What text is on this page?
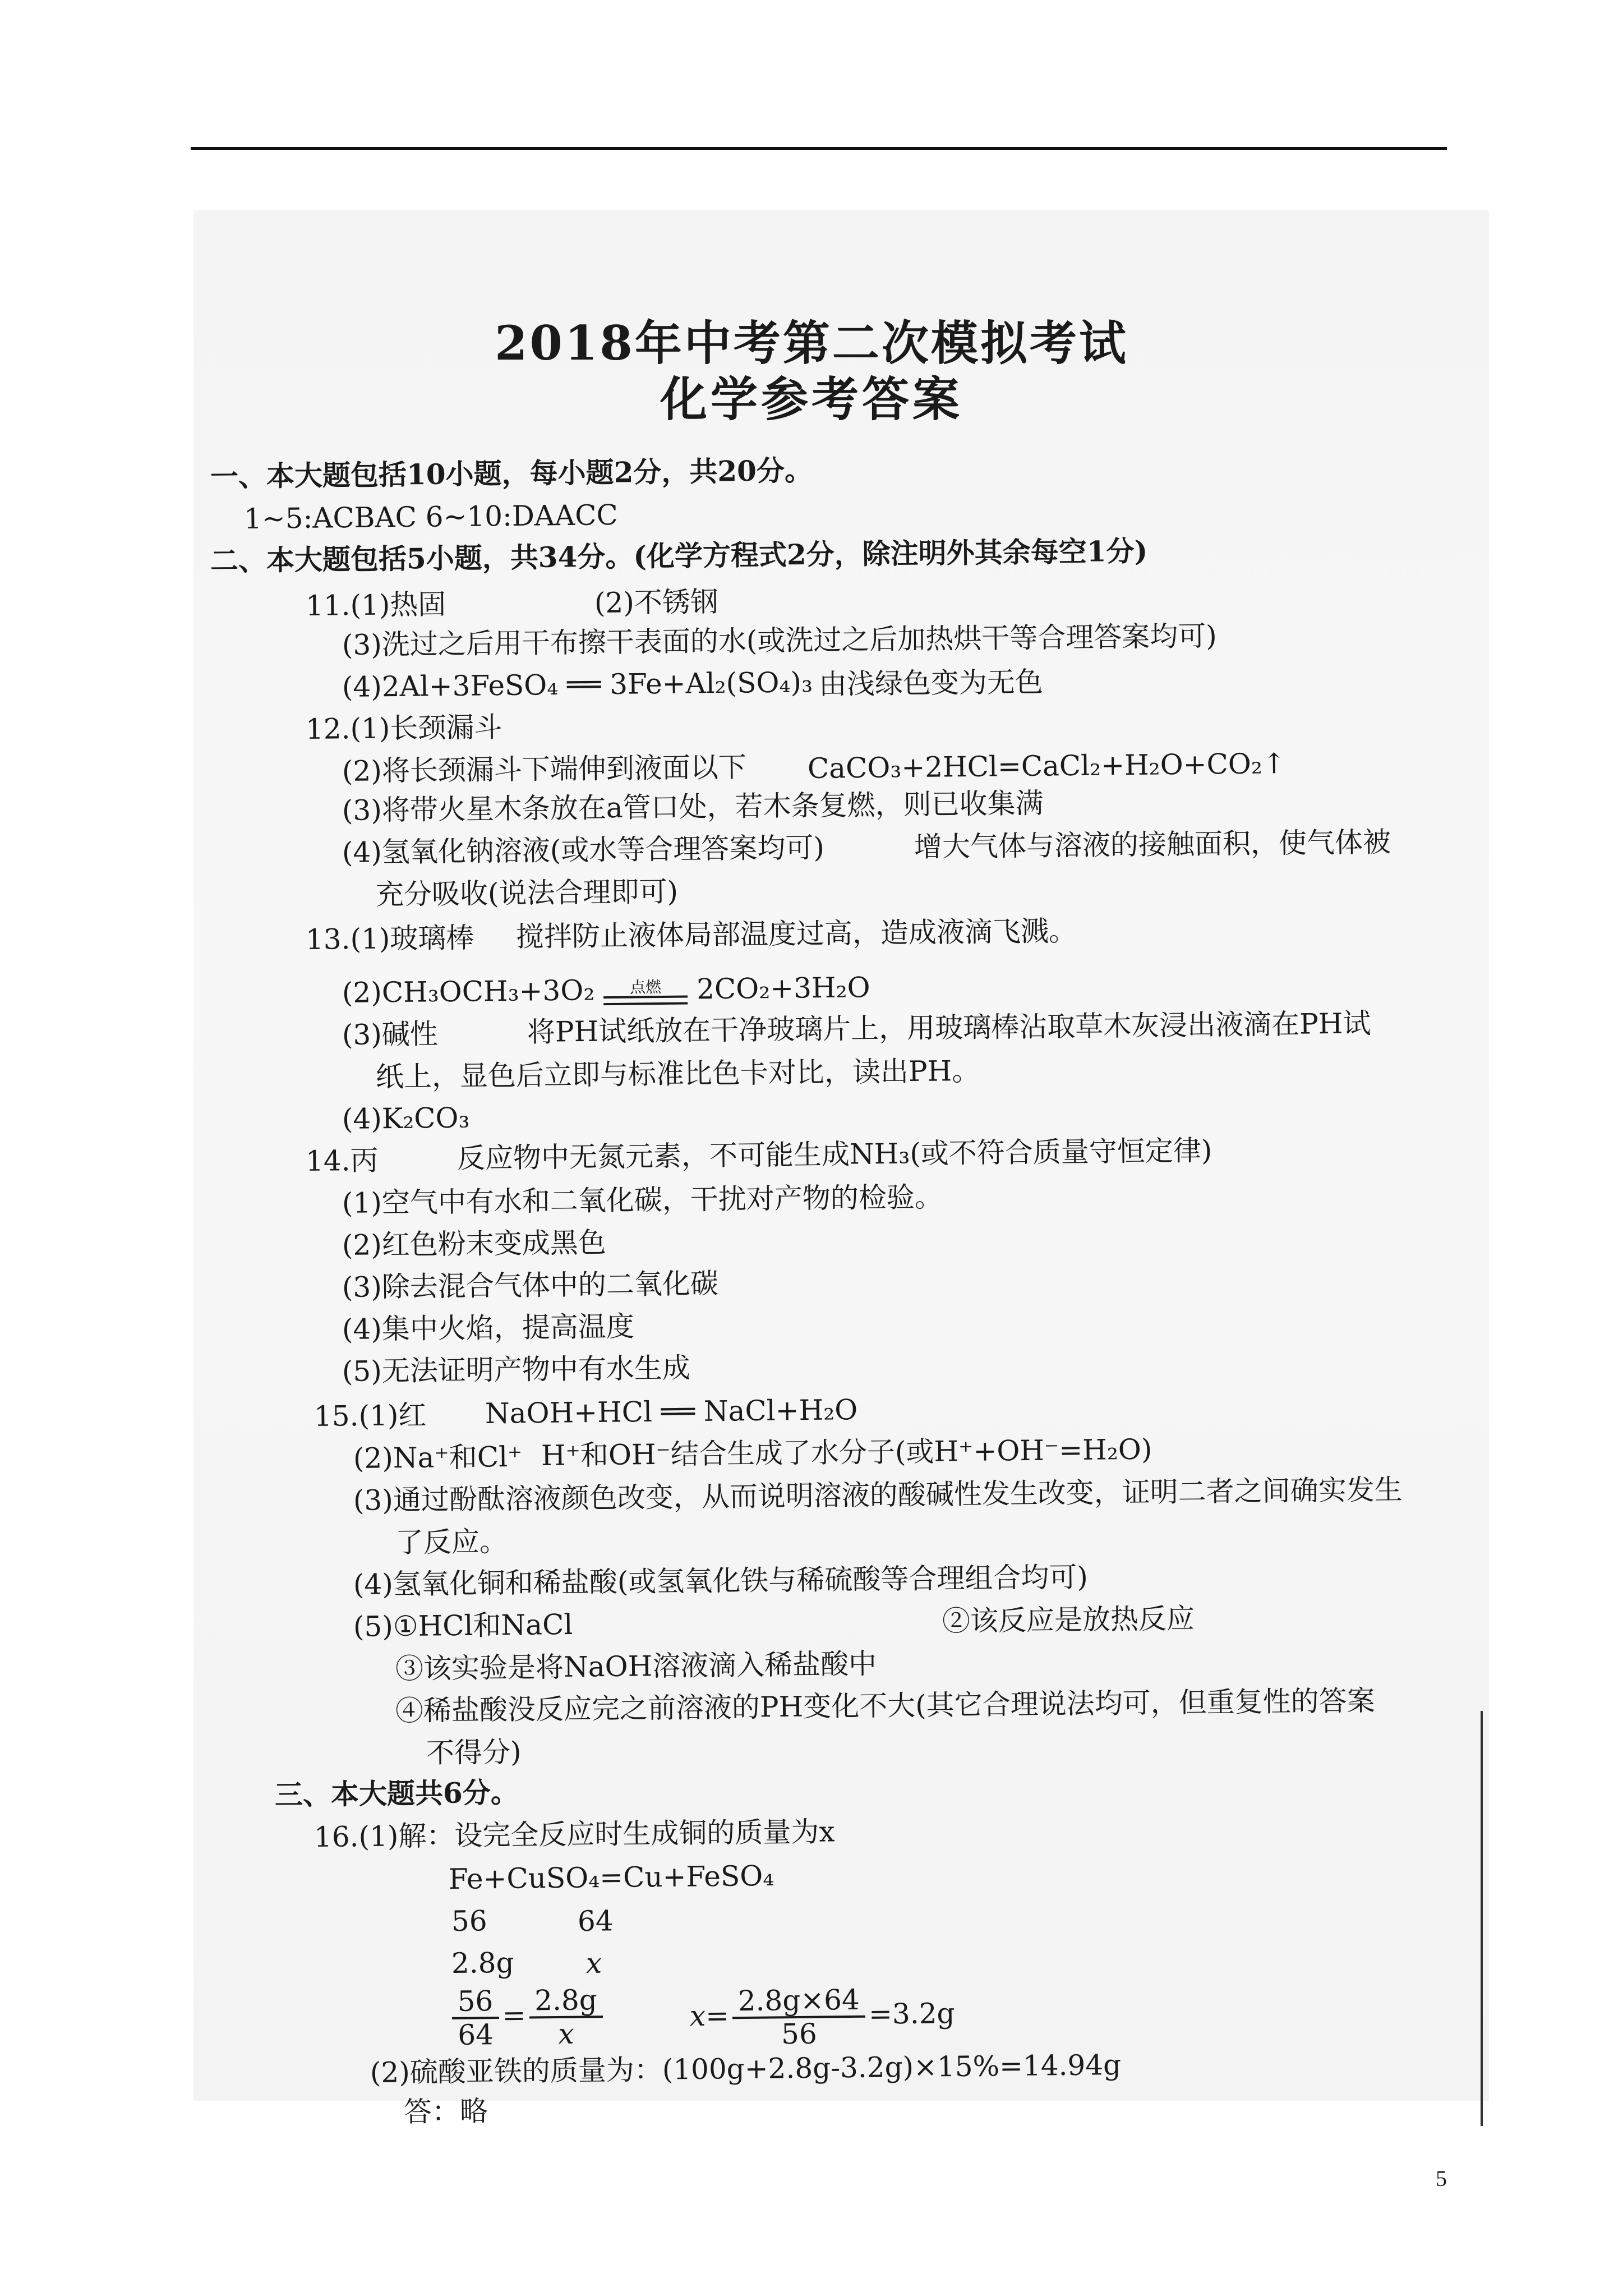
2018年中考第二次模拟考试
化学参考答案
一、本大题包括10小题，每小题2分，共20分。
1~5:ACBAC 6~10:DAACC
二、本大题包括5小题，共34分。(化学方程式2分，除注明外其余每空1分)
11.(1)热固	(2)不锈钢
(3)洗过之后用干布擦干表面的水(或洗过之后加热烘干等合理答案均可)
(4)2Al+3FeSO₄ ══ 3Fe+Al₂(SO₄)₃ 由浅绿色变为无色
12.(1)长颈漏斗
(2)将长颈漏斗下端伸到液面以下 CaCO₃+2HCl=CaCl₂+H₂O+CO₂↑
(3)将带火星木条放在a管口处，若木条复燃，则已收集满
(4)氢氧化钠溶液(或水等合理答案均可)	增大气体与溶液的接触面积，使气体被
充分吸收(说法合理即可)
13.(1)玻璃棒 搅拌防止液体局部温度过高，造成液滴飞溅。
(2)CH₃OCH₃+3O₂	点燃	2CO₂+3H₂O
(3)碱性	将PH试纸放在干净玻璃片上，用玻璃棒沾取草木灰浸出液滴在PH试
纸上，显色后立即与标准比色卡对比，读出PH。
(4)K₂CO₃
14.丙	反应物中无氮元素，不可能生成NH₃(或不符合质量守恒定律)
(1)空气中有水和二氧化碳，干扰对产物的检验。
(2)红色粉末变成黑色
(3)除去混合气体中的二氧化碳
(4)集中火焰，提高温度
(5)无法证明产物中有水生成
15.(1)红 NaOH+HCl ══ NaCl+H₂O
(2)Na⁺和Cl⁺ H⁺和OH⁻结合生成了水分子(或H⁺+OH⁻=H₂O)
(3)通过酚酞溶液颜色改变，从而说明溶液的酸碱性发生改变，证明二者之间确实发生
了反应。
(4)氢氧化铜和稀盐酸(或氢氧化铁与稀硫酸等合理组合均可)
(5)①HCl和NaCl	②该反应是放热反应
③该实验是将NaOH溶液滴入稀盐酸中
④稀盐酸没反应完之前溶液的PH变化不大(其它合理说法均可，但重复性的答案
不得分)
三、本大题共6分。
16.(1)解：设完全反应时生成铜的质量为x
Fe+CuSO₄=Cu+FeSO₄
56	64
2.8g	x
$\frac{56}{64} = \frac{2.8g}{x}$	$x= \frac{2.8g\times 64}{56} =3.2g$
(2)硫酸亚铁的质量为：(100g+2.8g-3.2g)×15%=14.94g
答：略
5
